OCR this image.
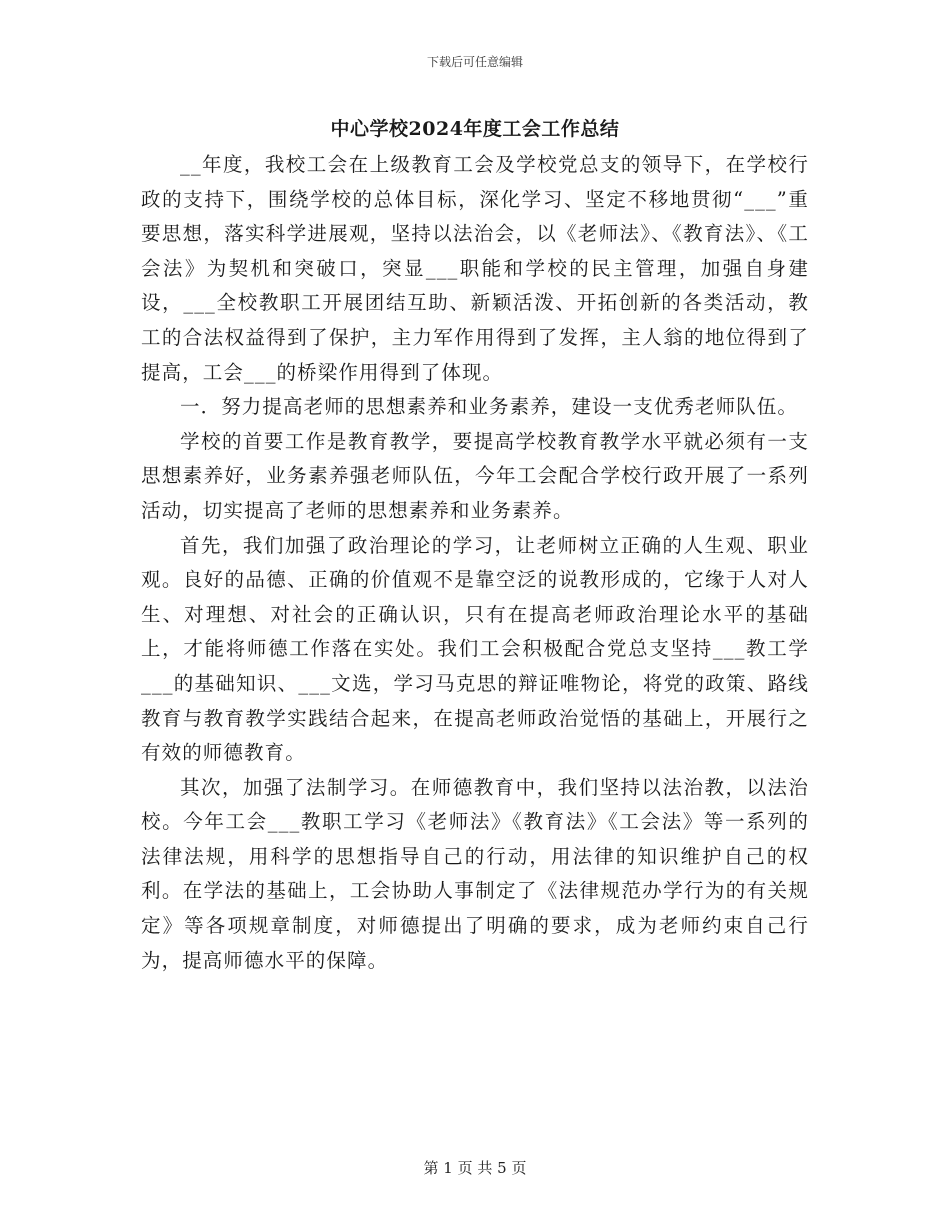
下载后可任意编辑
中心学校2024年度工会工作总结

__年度，我校工会在上级教育工会及学校党总支的领导下，在学校行政的支持下，围绕学校的总体目标，深化学习、坚定不移地贯彻“___”重要思想，落实科学进展观，坚持以法治会，以《老师法》、《教育法》、《工会法》为契机和突破口，突显___职能和学校的民主管理，加强自身建设，___全校教职工开展团结互助、新颖活泼、开拓创新的各类活动，教工的合法权益得到了保护，主力军作用得到了发挥，主人翁的地位得到了提高，工会___的桥梁作用得到了体现。

一．努力提高老师的思想素养和业务素养，建设一支优秀老师队伍。

学校的首要工作是教育教学，要提高学校教育教学水平就必须有一支思想素养好，业务素养强老师队伍，今年工会配合学校行政开展了一系列活动，切实提高了老师的思想素养和业务素养。

首先，我们加强了政治理论的学习，让老师树立正确的人生观、职业观。良好的品德、正确的价值观不是靠空泛的说教形成的，它缘于人对人生、对理想、对社会的正确认识，只有在提高老师政治理论水平的基础上，才能将师德工作落在实处。我们工会积极配合党总支坚持___教工学___的基础知识、___文选，学习马克思的辩证唯物论，将党的政策、路线教育与教育教学实践结合起来，在提高老师政治觉悟的基础上，开展行之有效的师德教育。

其次，加强了法制学习。在师德教育中，我们坚持以法治教，以法治校。今年工会___教职工学习《老师法》《教育法》《工会法》等一系列的法律法规，用科学的思想指导自己的行动，用法律的知识维护自己的权利。在学法的基础上，工会协助人事制定了《法律规范办学行为的有关规定》等各项规章制度，对师德提出了明确的要求，成为老师约束自己行为，提高师德水平的保障。

第 1 页 共 5 页
